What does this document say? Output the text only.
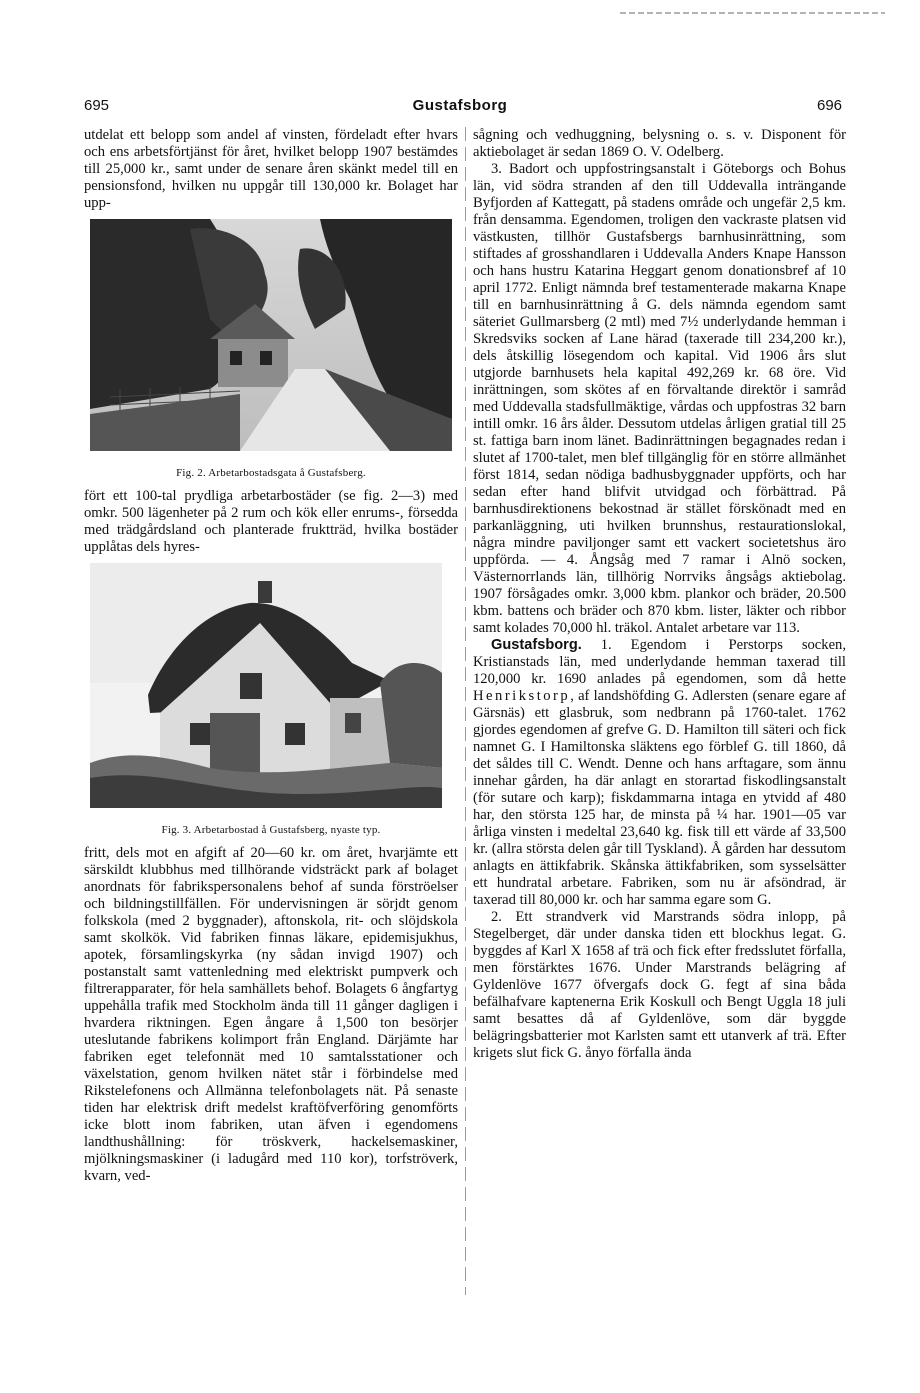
695	Gustafsborg	696

utdelat ett belopp som andel af vinsten, fördeladt efter hvars och ens arbetsförtjänst för året, hvilket belopp 1907 bestämdes till 25,000 kr., samt under de senare åren skänkt medel till en pensionsfond, hvilken nu uppgår till 130,000 kr. Bolaget har upp-

Fig. 2. Arbetarbostadsgata å Gustafsberg.

fört ett 100-tal prydliga arbetarbostäder (se fig. 2—3) med omkr. 500 lägenheter på 2 rum och kök eller enrums-, försedda med trädgårdsland och planterade fruktträd, hvilka bostäder upplåtas dels hyres-

Fig. 3. Arbetarbostad å Gustafsberg, nyaste typ.

fritt, dels mot en afgift af 20—60 kr. om året, hvarjämte ett särskildt klubbhus med tillhörande vidsträckt park af bolaget anordnats för fabrikspersonalens behof af sunda förströelser och bildningstillfällen. För undervisningen är sörjdt genom folkskola (med 2 byggnader), aftonskola, rit- och slöjdskola samt skolkök. Vid fabriken finnas läkare, epidemisjukhus, apotek, församlingskyrka (ny sådan invigd 1907) och postanstalt samt vattenledning med elektriskt pumpverk och filtrerapparater, för hela samhällets behof. Bolagets 6 ångfartyg uppehålla trafik med Stockholm ända till 11 gånger dagligen i hvardera riktningen. Egen ångare å 1,500 ton besörjer uteslutande fabrikens kolimport från England. Därjämte har fabriken eget telefonnät med 10 samtalsstationer och växelstation, genom hvilken nätet står i förbindelse med Rikstelefonens och Allmänna telefonbolagets nät. På senaste tiden har elektrisk drift medelst kraftöfverföring genomförts icke blott inom fabriken, utan äfven i egendomens landthushållning: för tröskverk, hackelsemaskiner, mjölkningsmaskiner (i ladugård med 110 kor), torfströverk, kvarn, ved-

sågning och vedhuggning, belysning o. s. v. Disponent för aktiebolaget är sedan 1869 O. V. Odelberg.

3. Badort och uppfostringsanstalt i Göteborgs och Bohus län, vid södra stranden af den till Uddevalla inträngande Byfjorden af Kattegatt, på stadens område och ungefär 2,5 km. från densamma. Egendomen, troligen den vackraste platsen vid västkusten, tillhör Gustafsbergs barnhusinrättning, som stiftades af grosshandlaren i Uddevalla Anders Knape Hansson och hans hustru Katarina Heggart genom donationsbref af 10 april 1772. Enligt nämnda bref testamenterade makarna Knape till en barnhusinrättning å G. dels nämnda egendom samt säteriet Gullmarsberg (2 mtl) med 7½ underlydande hemman i Skredsviks socken af Lane härad (taxerade till 234,200 kr.), dels åtskillig lösegendom och kapital. Vid 1906 års slut utgjorde barnhusets hela kapital 492,269 kr. 68 öre. Vid inrättningen, som skötes af en förvaltande direktör i samråd med Uddevalla stadsfullmäktige, vårdas och uppfostras 32 barn intill omkr. 16 års ålder. Dessutom utdelas årligen gratial till 25 st. fattiga barn inom länet. Badinrättningen begagnades redan i slutet af 1700-talet, men blef tillgänglig för en större allmänhet först 1814, sedan nödiga badhusbyggnader uppförts, och har sedan efter hand blifvit utvidgad och förbättrad. På barnhusdirektionens bekostnad är stället förskönadt med en parkanläggning, uti hvilken brunnshus, restaurationslokal, några mindre paviljonger samt ett vackert societetshus äro uppförda. — 4. Ångsåg med 7 ramar i Alnö socken, Västernorrlands län, tillhörig Norrviks ångsågs aktiebolag. 1907 försågades omkr. 3,000 kbm. plankor och bräder, 20.500 kbm. battens och bräder och 870 kbm. lister, läkter och ribbor samt kolades 70,000 hl. träkol. Antalet arbetare var 113.

Gustafsborg. 1. Egendom i Perstorps socken, Kristianstads län, med underlydande hemman taxerad till 120,000 kr. 1690 anlades på egendomen, som då hette Henrikstorp, af landshöfding G. Adlersten (senare egare af Gärsnäs) ett glasbruk, som nedbrann på 1760-talet. 1762 gjordes egendomen af grefve G. D. Hamilton till säteri och fick namnet G. I Hamiltonska släktens ego förblef G. till 1860, då det såldes till C. Wendt. Denne och hans arftagare, som ännu innehar gården, ha där anlagt en storartad fiskodlingsanstalt (för sutare och karp); fiskdammarna intaga en ytvidd af 480 har, den största 125 har, de minsta på ¼ har. 1901—05 var årliga vinsten i medeltal 23,640 kg. fisk till ett värde af 33,500 kr. (allra största delen går till Tyskland). Å gården har dessutom anlagts en ättikfabrik. Skånska ättikfabriken, som sysselsätter ett hundratal arbetare. Fabriken, som nu är afsöndrad, är taxerad till 80,000 kr. och har samma egare som G.

2. Ett strandverk vid Marstrands södra inlopp, på Stegelberget, där under danska tiden ett blockhus legat. G. byggdes af Karl X 1658 af trä och fick efter fredsslutet förfalla, men förstärktes 1676. Under Marstrands belägring af Gyldenlöve 1677 öfvergafs dock G. fegt af sina båda befälhafvare kaptenerna Erik Koskull och Bengt Uggla 18 juli samt besattes då af Gyldenlöve, som där byggde belägringsbatterier mot Karlsten samt ett utanverk af trä. Efter krigets slut fick G. ånyo förfalla ända
